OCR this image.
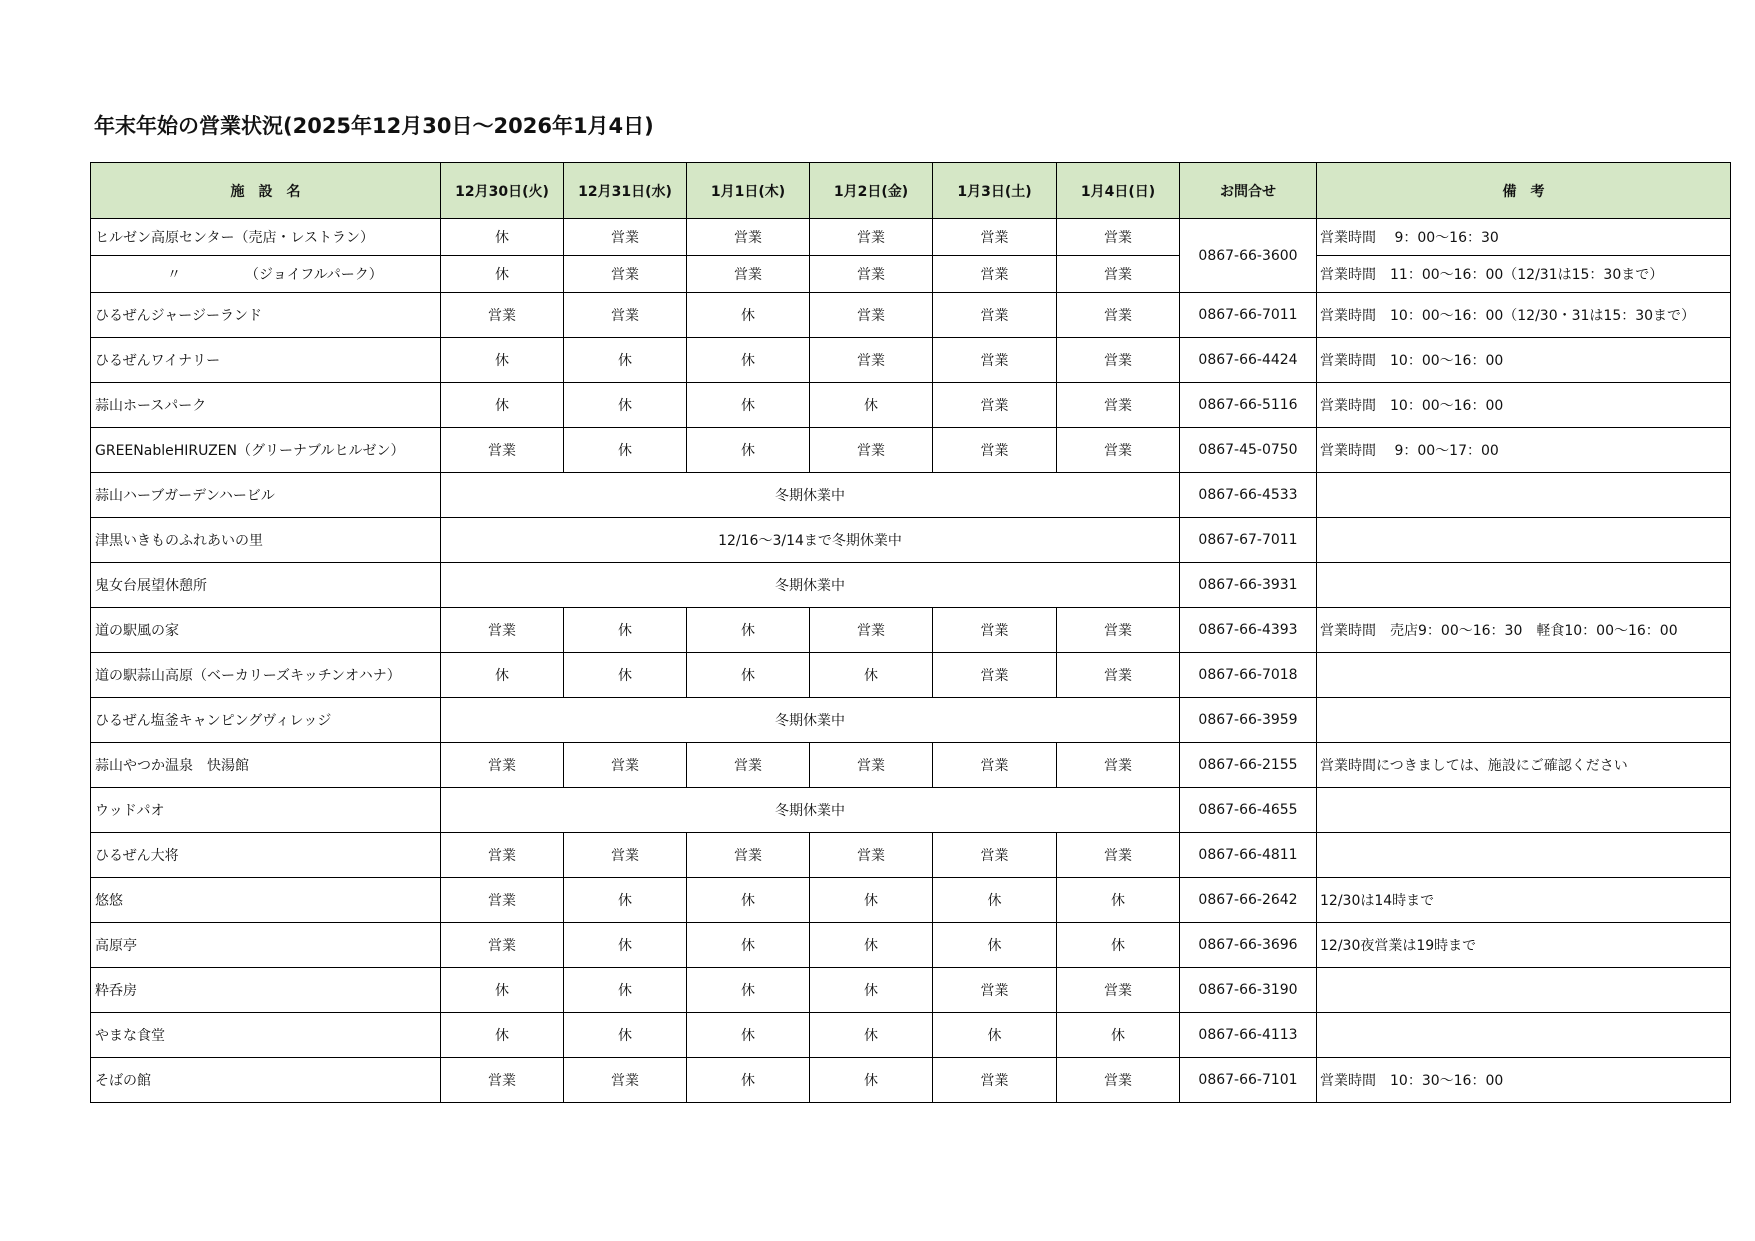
年末年始の営業状況(2025年12月30日～2026年1月4日)
施　設　名	12月30日(火)	12月31日(水)	1月1日(木)	1月2日(金)	1月3日(土)	1月4日(日)	お問合せ	備　考
ヒルゼン高原センター（売店・レストラン）	休	営業	営業	営業	営業	営業	0867-66-3600	営業時間　 9：00～16：30
〃 （ジョイフルパーク）	休	営業	営業	営業	営業	営業		営業時間　11：00～16：00（12/31は15：30まで）
ひるぜんジャージーランド	営業	営業	休	営業	営業	営業	0867-66-7011	営業時間　10：00～16：00（12/30・31は15：30まで）
ひるぜんワイナリー	休	休	休	営業	営業	営業	0867-66-4424	営業時間　10：00～16：00
蒜山ホースパーク	休	休	休	休	営業	営業	0867-66-5116	営業時間　10：00～16：00
GREENableHIRUZEN（グリーナブルヒルゼン）	営業	休	休	営業	営業	営業	0867-45-0750	営業時間　 9：00～17：00
蒜山ハーブガーデンハービル	冬期休業中						0867-66-4533	
津黒いきものふれあいの里	12/16～3/14まで冬期休業中						0867-67-7011	
鬼女台展望休憩所	冬期休業中						0867-66-3931	
道の駅風の家	営業	休	休	営業	営業	営業	0867-66-4393	営業時間　売店9：00～16：30　軽食10：00～16：00
道の駅蒜山高原（ベーカリーズキッチンオハナ）	休	休	休	休	営業	営業	0867-66-7018	
ひるぜん塩釜キャンピングヴィレッジ	冬期休業中						0867-66-3959	
蒜山やつか温泉　快湯館	営業	営業	営業	営業	営業	営業	0867-66-2155	営業時間につきましては、施設にご確認ください
ウッドパオ	冬期休業中						0867-66-4655	
ひるぜん大将	営業	営業	営業	営業	営業	営業	0867-66-4811	
悠悠	営業	休	休	休	休	休	0867-66-2642	12/30は14時まで
高原亭	営業	休	休	休	休	休	0867-66-3696	12/30夜営業は19時まで
粋呑房	休	休	休	休	営業	営業	0867-66-3190	
やまな食堂	休	休	休	休	休	休	0867-66-4113	
そばの館	営業	営業	休	休	営業	営業	0867-66-7101	営業時間　10：30～16：00
